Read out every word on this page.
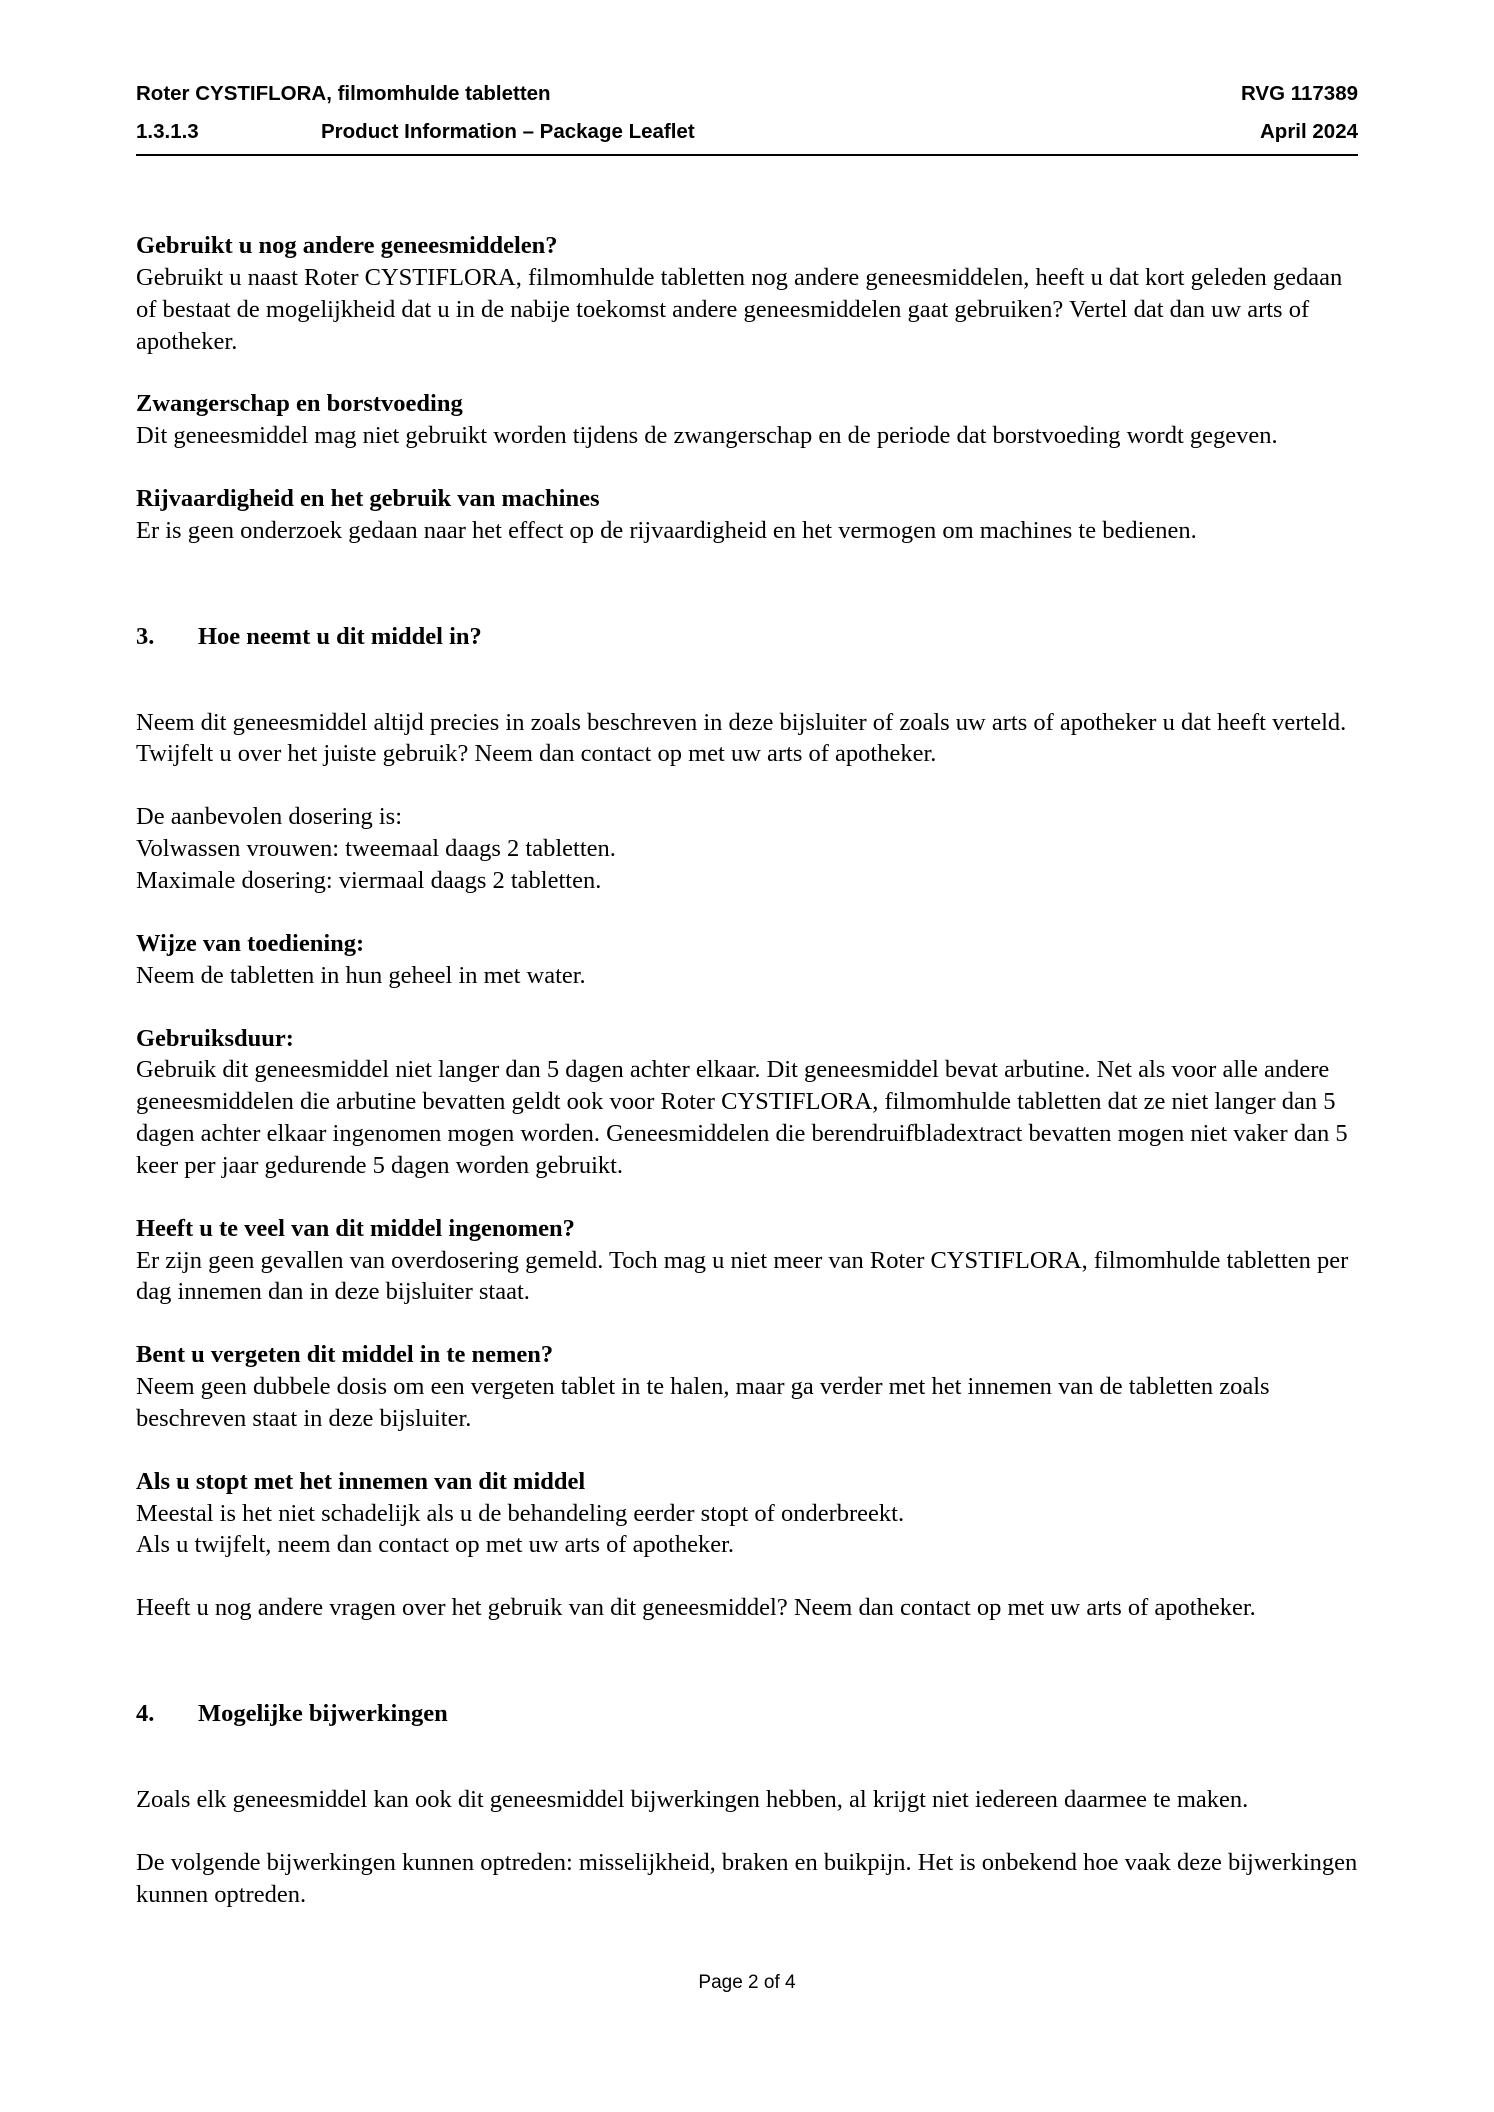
Roter CYSTIFLORA, filmomhulde tabletten	RVG 117389
1.3.1.3	Product Information – Package Leaflet	April 2024

Gebruikt u nog andere geneesmiddelen?

Gebruikt u naast Roter CYSTIFLORA, filmomhulde tabletten nog andere geneesmiddelen, heeft u dat kort geleden gedaan of bestaat de mogelijkheid dat u in de nabije toekomst andere geneesmiddelen gaat gebruiken? Vertel dat dan uw arts of apotheker.

Zwangerschap en borstvoeding

Dit geneesmiddel mag niet gebruikt worden tijdens de zwangerschap en de periode dat borstvoeding wordt gegeven.

Rijvaardigheid en het gebruik van machines

Er is geen onderzoek gedaan naar het effect op de rijvaardigheid en het vermogen om machines te bedienen.

3.	Hoe neemt u dit middel in?

Neem dit geneesmiddel altijd precies in zoals beschreven in deze bijsluiter of zoals uw arts of apotheker u dat heeft verteld. Twijfelt u over het juiste gebruik? Neem dan contact op met uw arts of apotheker.

De aanbevolen dosering is:

Volwassen vrouwen: tweemaal daags 2 tabletten.

Maximale dosering: viermaal daags 2 tabletten.

Wijze van toediening:

Neem de tabletten in hun geheel in met water.

Gebruiksduur:

Gebruik dit geneesmiddel niet langer dan 5 dagen achter elkaar. Dit geneesmiddel bevat arbutine. Net als voor alle andere geneesmiddelen die arbutine bevatten geldt ook voor Roter CYSTIFLORA, filmomhulde tabletten dat ze niet langer dan 5 dagen achter elkaar ingenomen mogen worden. Geneesmiddelen die berendruifbladextract bevatten mogen niet vaker dan 5 keer per jaar gedurende 5 dagen worden gebruikt.

Heeft u te veel van dit middel ingenomen?

Er zijn geen gevallen van overdosering gemeld. Toch mag u niet meer van Roter CYSTIFLORA, filmomhulde tabletten per dag innemen dan in deze bijsluiter staat.

Bent u vergeten dit middel in te nemen?

Neem geen dubbele dosis om een vergeten tablet in te halen, maar ga verder met het innemen van de tabletten zoals beschreven staat in deze bijsluiter.

Als u stopt met het innemen van dit middel

Meestal is het niet schadelijk als u de behandeling eerder stopt of onderbreekt.

Als u twijfelt, neem dan contact op met uw arts of apotheker.

Heeft u nog andere vragen over het gebruik van dit geneesmiddel? Neem dan contact op met uw arts of apotheker.

4.	Mogelijke bijwerkingen

Zoals elk geneesmiddel kan ook dit geneesmiddel bijwerkingen hebben, al krijgt niet iedereen daarmee te maken.

De volgende bijwerkingen kunnen optreden: misselijkheid, braken en buikpijn. Het is onbekend hoe vaak deze bijwerkingen kunnen optreden.

Page 2 of 4
